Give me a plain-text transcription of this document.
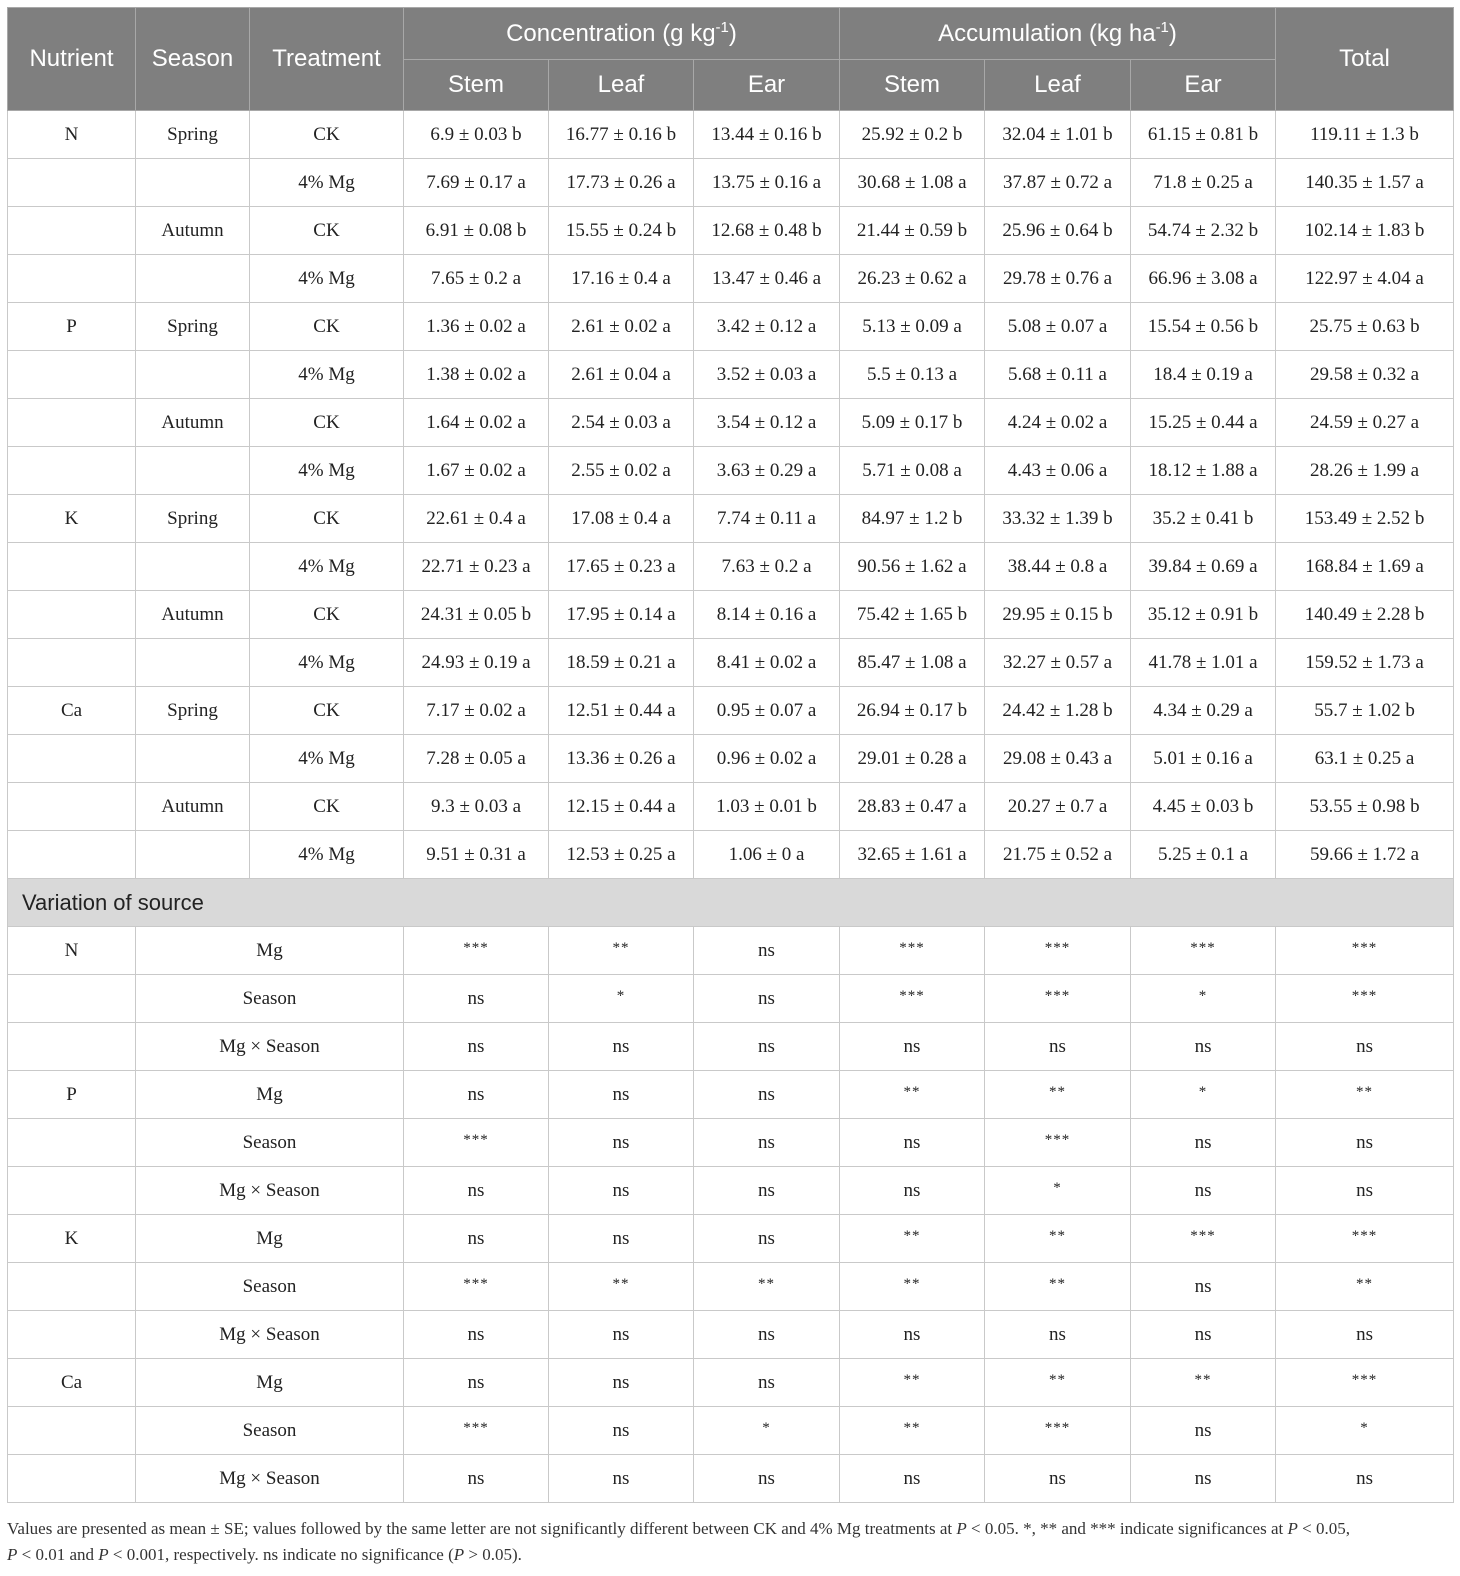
Nutrient	Season	Treatment	Concentration (g $kg^{-1}$)			Accumulation (kg $ha^{-1}$)			Total
			Stem	Leaf	Ear	Stem	Leaf	Ear	
N	Spring	CK	6.9 ± 0.03 b	16.77 ± 0.16 b	13.44 ± 0.16 b	25.92 ± 0.2 b	32.04 ± 1.01 b	61.15 ± 0.81 b	119.11 ± 1.3 b
		4% Mg	7.69 ± 0.17 a	17.73 ± 0.26 a	13.75 ± 0.16 a	30.68 ± 1.08 a	37.87 ± 0.72 a	71.8 ± 0.25 a	140.35 ± 1.57 a
	Autumn	CK	6.91 ± 0.08 b	15.55 ± 0.24 b	12.68 ± 0.48 b	21.44 ± 0.59 b	25.96 ± 0.64 b	54.74 ± 2.32 b	102.14 ± 1.83 b
		4% Mg	7.65 ± 0.2 a	17.16 ± 0.4 a	13.47 ± 0.46 a	26.23 ± 0.62 a	29.78 ± 0.76 a	66.96 ± 3.08 a	122.97 ± 4.04 a
P	Spring	CK	1.36 ± 0.02 a	2.61 ± 0.02 a	3.42 ± 0.12 a	5.13 ± 0.09 a	5.08 ± 0.07 a	15.54 ± 0.56 b	25.75 ± 0.63 b
		4% Mg	1.38 ± 0.02 a	2.61 ± 0.04 a	3.52 ± 0.03 a	5.5 ± 0.13 a	5.68 ± 0.11 a	18.4 ± 0.19 a	29.58 ± 0.32 a
	Autumn	CK	1.64 ± 0.02 a	2.54 ± 0.03 a	3.54 ± 0.12 a	5.09 ± 0.17 b	4.24 ± 0.02 a	15.25 ± 0.44 a	24.59 ± 0.27 a
		4% Mg	1.67 ± 0.02 a	2.55 ± 0.02 a	3.63 ± 0.29 a	5.71 ± 0.08 a	4.43 ± 0.06 a	18.12 ± 1.88 a	28.26 ± 1.99 a
K	Spring	CK	22.61 ± 0.4 a	17.08 ± 0.4 a	7.74 ± 0.11 a	84.97 ± 1.2 b	33.32 ± 1.39 b	35.2 ± 0.41 b	153.49 ± 2.52 b
		4% Mg	22.71 ± 0.23 a	17.65 ± 0.23 a	7.63 ± 0.2 a	90.56 ± 1.62 a	38.44 ± 0.8 a	39.84 ± 0.69 a	168.84 ± 1.69 a
	Autumn	CK	24.31 ± 0.05 b	17.95 ± 0.14 a	8.14 ± 0.16 a	75.42 ± 1.65 b	29.95 ± 0.15 b	35.12 ± 0.91 b	140.49 ± 2.28 b
		4% Mg	24.93 ± 0.19 a	18.59 ± 0.21 a	8.41 ± 0.02 a	85.47 ± 1.08 a	32.27 ± 0.57 a	41.78 ± 1.01 a	159.52 ± 1.73 a
Ca	Spring	CK	7.17 ± 0.02 a	12.51 ± 0.44 a	0.95 ± 0.07 a	26.94 ± 0.17 b	24.42 ± 1.28 b	4.34 ± 0.29 a	55.7 ± 1.02 b
		4% Mg	7.28 ± 0.05 a	13.36 ± 0.26 a	0.96 ± 0.02 a	29.01 ± 0.28 a	29.08 ± 0.43 a	5.01 ± 0.16 a	63.1 ± 0.25 a
	Autumn	CK	9.3 ± 0.03 a	12.15 ± 0.44 a	1.03 ± 0.01 b	28.83 ± 0.47 a	20.27 ± 0.7 a	4.45 ± 0.03 b	53.55 ± 0.98 b
		4% Mg	9.51 ± 0.31 a	12.53 ± 0.25 a	1.06 ± 0 a	32.65 ± 1.61 a	21.75 ± 0.52 a	5.25 ± 0.1 a	59.66 ± 1.72 a
Variation of source									
N	Mg		***	**	ns	***	***	***	***
	Season		ns	*	ns	***	***	*	***
	Mg × Season		ns	ns	ns	ns	ns	ns	ns
P	Mg		ns	ns	ns	**	**	*	**
	Season		***	ns	ns	ns	***	ns	ns
	Mg × Season		ns	ns	ns	ns	*	ns	ns
K	Mg		ns	ns	ns	**	**	***	***
	Season		***	**	**	**	**	ns	**
	Mg × Season		ns	ns	ns	ns	ns	ns	ns
Ca	Mg		ns	ns	ns	**	**	**	***
	Season		***	ns	*	**	***	ns	*
	Mg × Season		ns	ns	ns	ns	ns	ns	ns
Values are presented as mean ± SE; values followed by the same letter are not significantly different between CK and 4% Mg treatments at P < 0.05. *, ** and *** indicate significances at P < 0.05,
P < 0.01 and P < 0.001, respectively. ns indicate no significance (P > 0.05).
